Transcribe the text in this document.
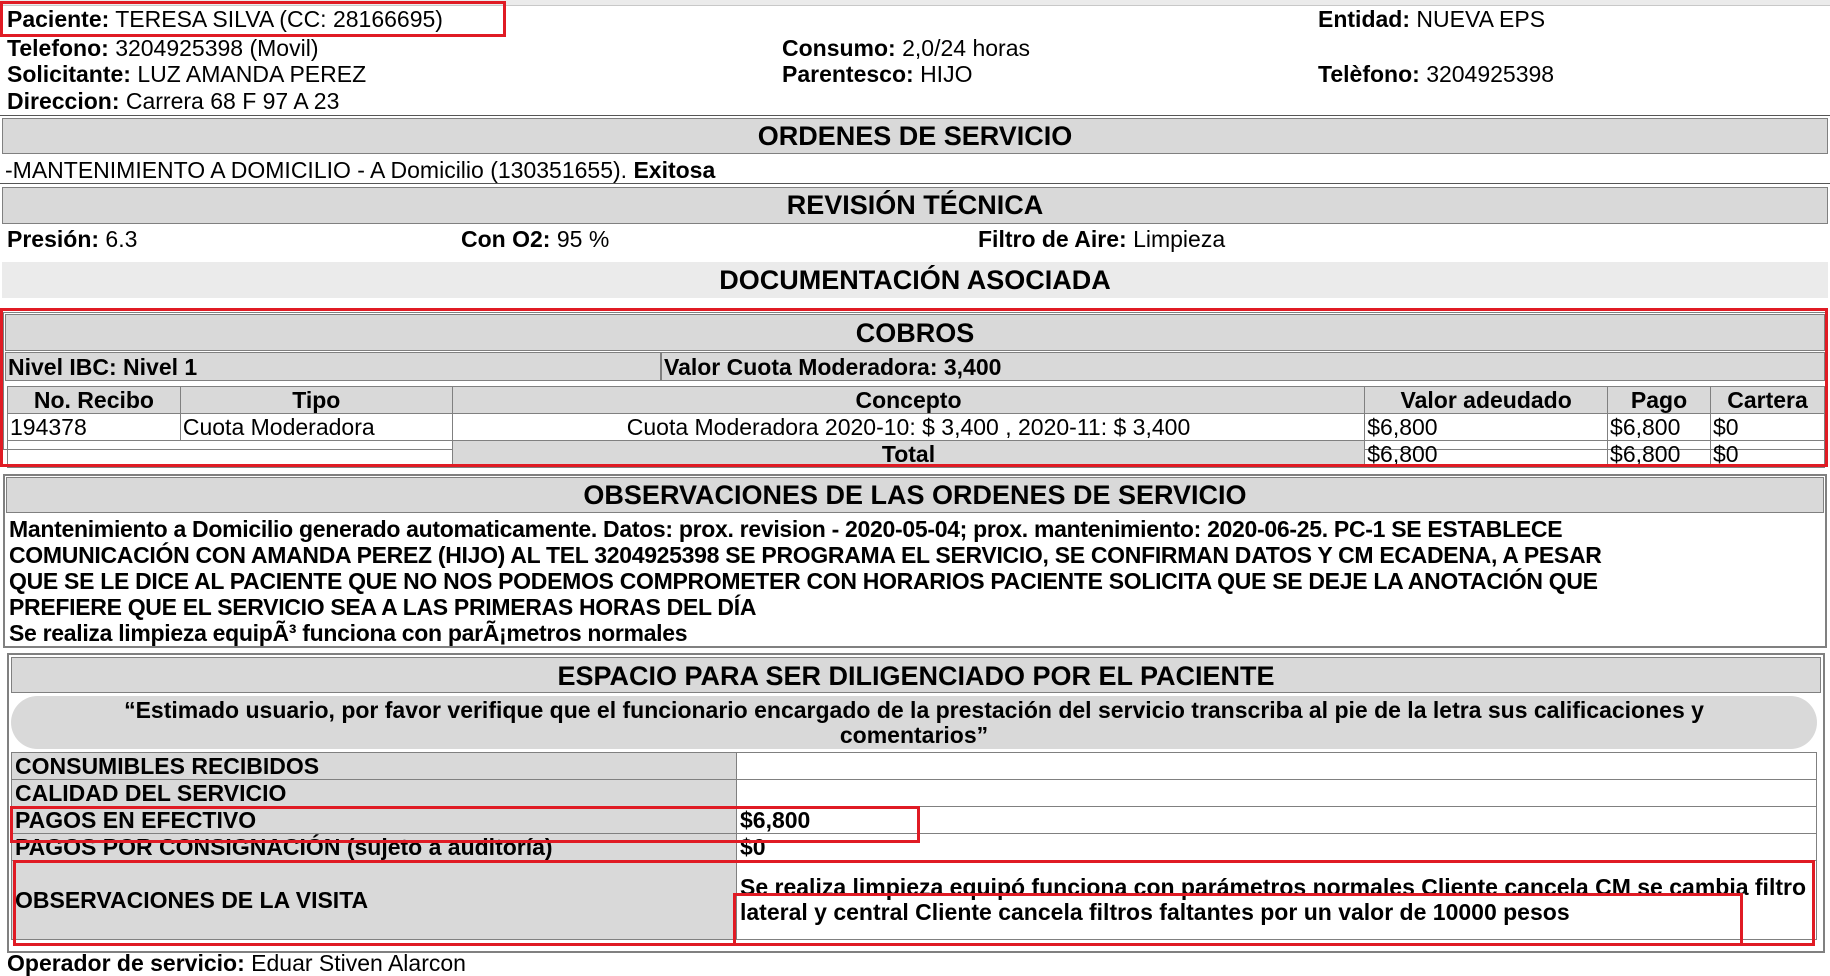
Paciente: TERESA SILVA (CC: 28166695)	Entidad: NUEVA EPS
Telefono: 3204925398 (Movil)	Consumo: 2,0/24 horas
Solicitante: LUZ AMANDA PEREZ	Parentesco: HIJO	Telèfono: 3204925398
Direccion: Carrera 68 F 97 A 23
ORDENES DE SERVICIO
-MANTENIMIENTO A DOMICILIO - A Domicilio (130351655). Exitosa
REVISIÓN TÉCNICA
Presión: 6.3	Con O2: 95 %	Filtro de Aire: Limpieza
DOCUMENTACIÓN ASOCIADA
COBROS
Nivel IBC: Nivel 1	Valor Cuota Moderadora: 3,400
No. Recibo	Tipo	Concepto	Valor adeudado	Pago	Cartera
194378	Cuota Moderadora	Cuota Moderadora 2020-10: $ 3,400 , 2020-11: $ 3,400	$6,800	$6,800	$0
		Total	$6,800	$6,800	$0
OBSERVACIONES DE LAS ORDENES DE SERVICIO
Mantenimiento a Domicilio generado automaticamente. Datos: prox. revision - 2020-05-04; prox. mantenimiento: 2020-06-25. PC-1 SE ESTABLECE
COMUNICACIÓN CON AMANDA PEREZ (HIJO) AL TEL 3204925398 SE PROGRAMA EL SERVICIO, SE CONFIRMAN DATOS Y CM ECADENA, A PESAR
QUE SE LE DICE AL PACIENTE QUE NO NOS PODEMOS COMPROMETER CON HORARIOS PACIENTE SOLICITA QUE SE DEJE LA ANOTACIÓN QUE
PREFIERE QUE EL SERVICIO SEA A LAS PRIMERAS HORAS DEL DÍA
Se realiza limpieza equipÃ³ funciona con parÃ¡metros normales
ESPACIO PARA SER DILIGENCIADO POR EL PACIENTE
“Estimado usuario, por favor verifique que el funcionario encargado de la prestación del servicio transcriba al pie de la letra sus calificaciones y
comentarios”
CONSUMIBLES RECIBIDOS	
CALIDAD DEL SERVICIO	
PAGOS EN EFECTIVO	$6,800
PAGOS POR CONSIGNACIÓN (sujeto a auditoría)	$0
OBSERVACIONES DE LA VISITA	Se realiza limpieza equipó funciona con parámetros normales Cliente cancela CM se cambia filtro lateral y central Cliente cancela filtros faltantes por un valor de 10000 pesos
Operador de servicio: Eduar Stiven Alarcon
